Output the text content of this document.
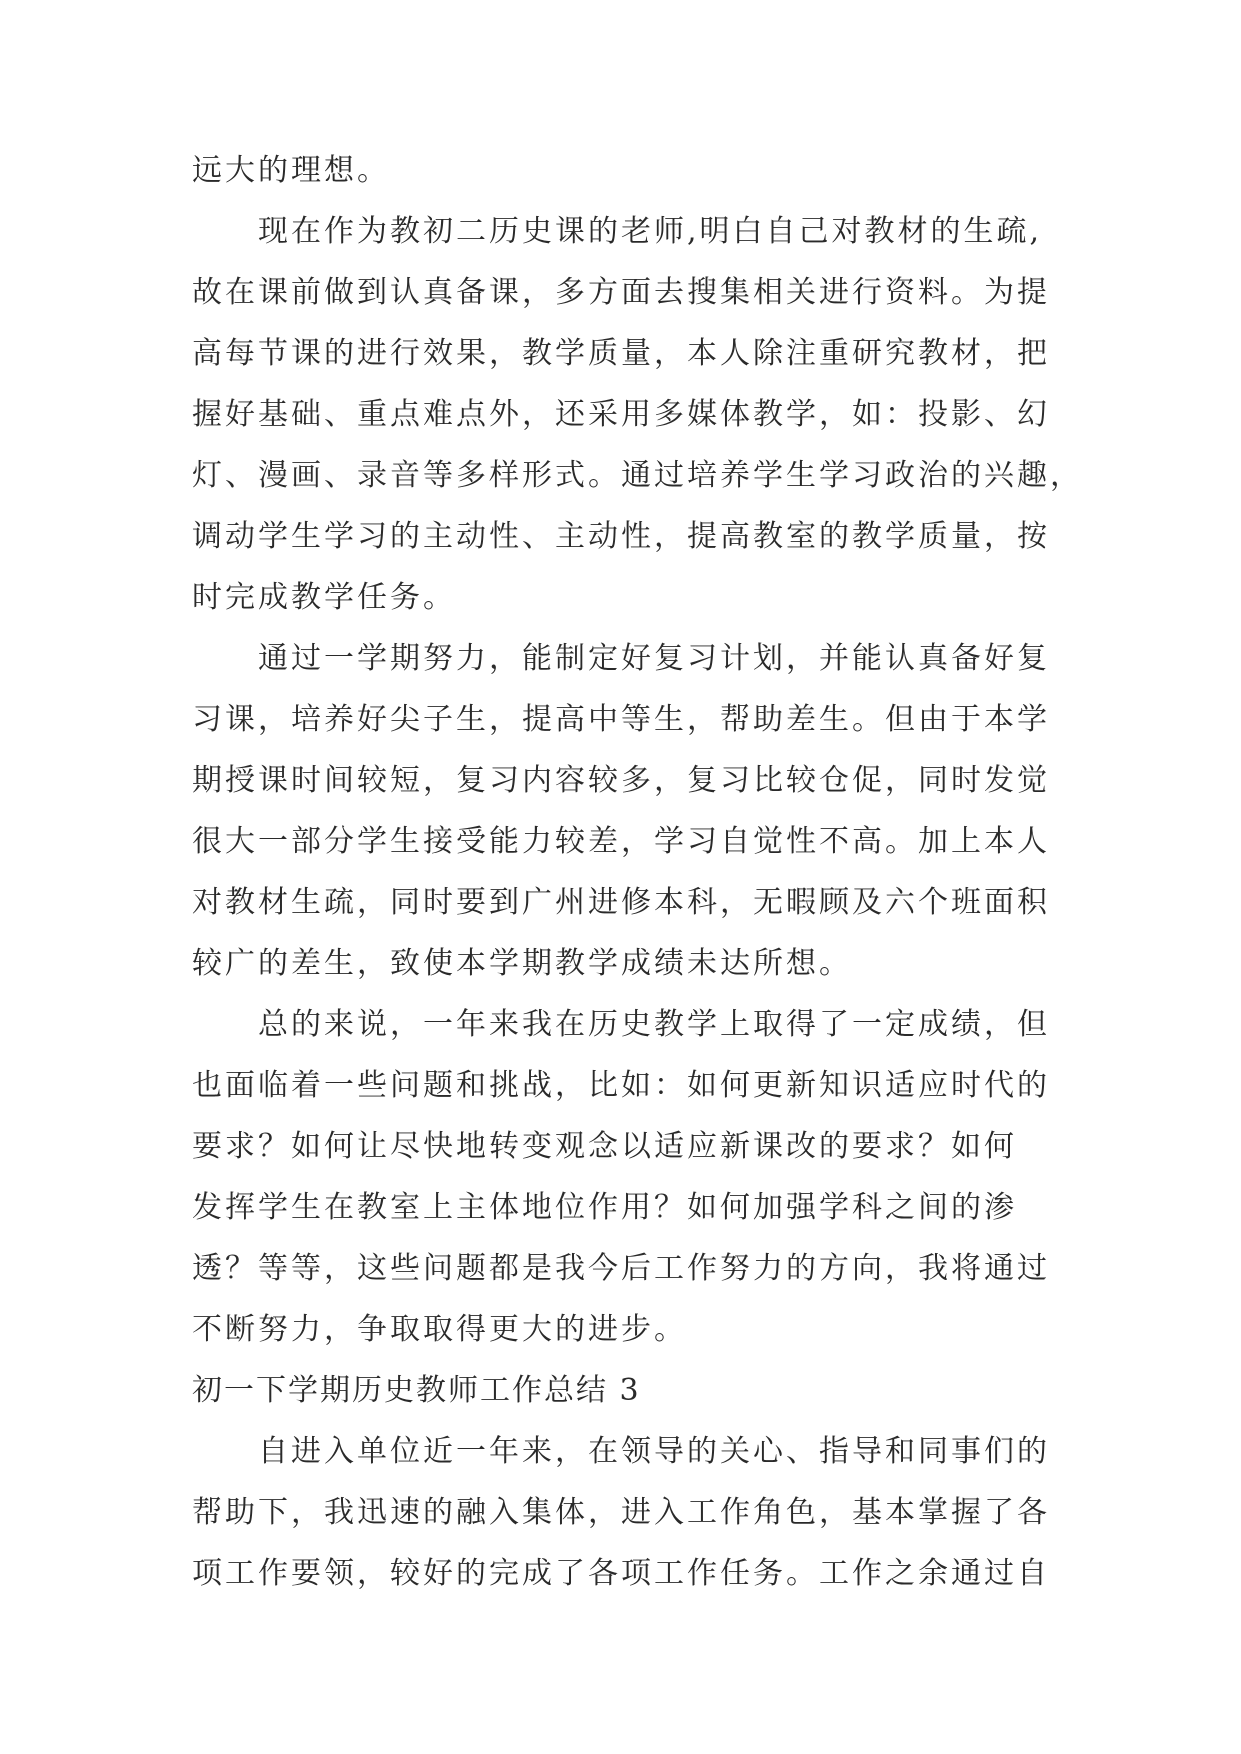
远大的理想。
　　现在作为教初二历史课的老师,明白自己对教材的生疏,
故在课前做到认真备课，多方面去搜集相关进行资料。为提
高每节课的进行效果，教学质量，本人除注重研究教材，把
握好基础、重点难点外，还采用多媒体教学，如：投影、幻
灯、漫画、录音等多样形式。通过培养学生学习政治的兴趣，
调动学生学习的主动性、主动性，提高教室的教学质量，按
时完成教学任务。
　　通过一学期努力，能制定好复习计划，并能认真备好复
习课，培养好尖子生，提高中等生，帮助差生。但由于本学
期授课时间较短，复习内容较多，复习比较仓促，同时发觉
很大一部分学生接受能力较差，学习自觉性不高。加上本人
对教材生疏，同时要到广州进修本科，无暇顾及六个班面积
较广的差生，致使本学期教学成绩未达所想。
　　总的来说，一年来我在历史教学上取得了一定成绩，但
也面临着一些问题和挑战，比如：如何更新知识适应时代的
要求？如何让尽快地转变观念以适应新课改的要求？如何
发挥学生在教室上主体地位作用？如何加强学科之间的渗
透？等等，这些问题都是我今后工作努力的方向，我将通过
不断努力，争取取得更大的进步。
初一下学期历史教师工作总结 3
　　自进入单位近一年来，在领导的关心、指导和同事们的
帮助下，我迅速的融入集体，进入工作角色，基本掌握了各
项工作要领，较好的完成了各项工作任务。工作之余通过自
